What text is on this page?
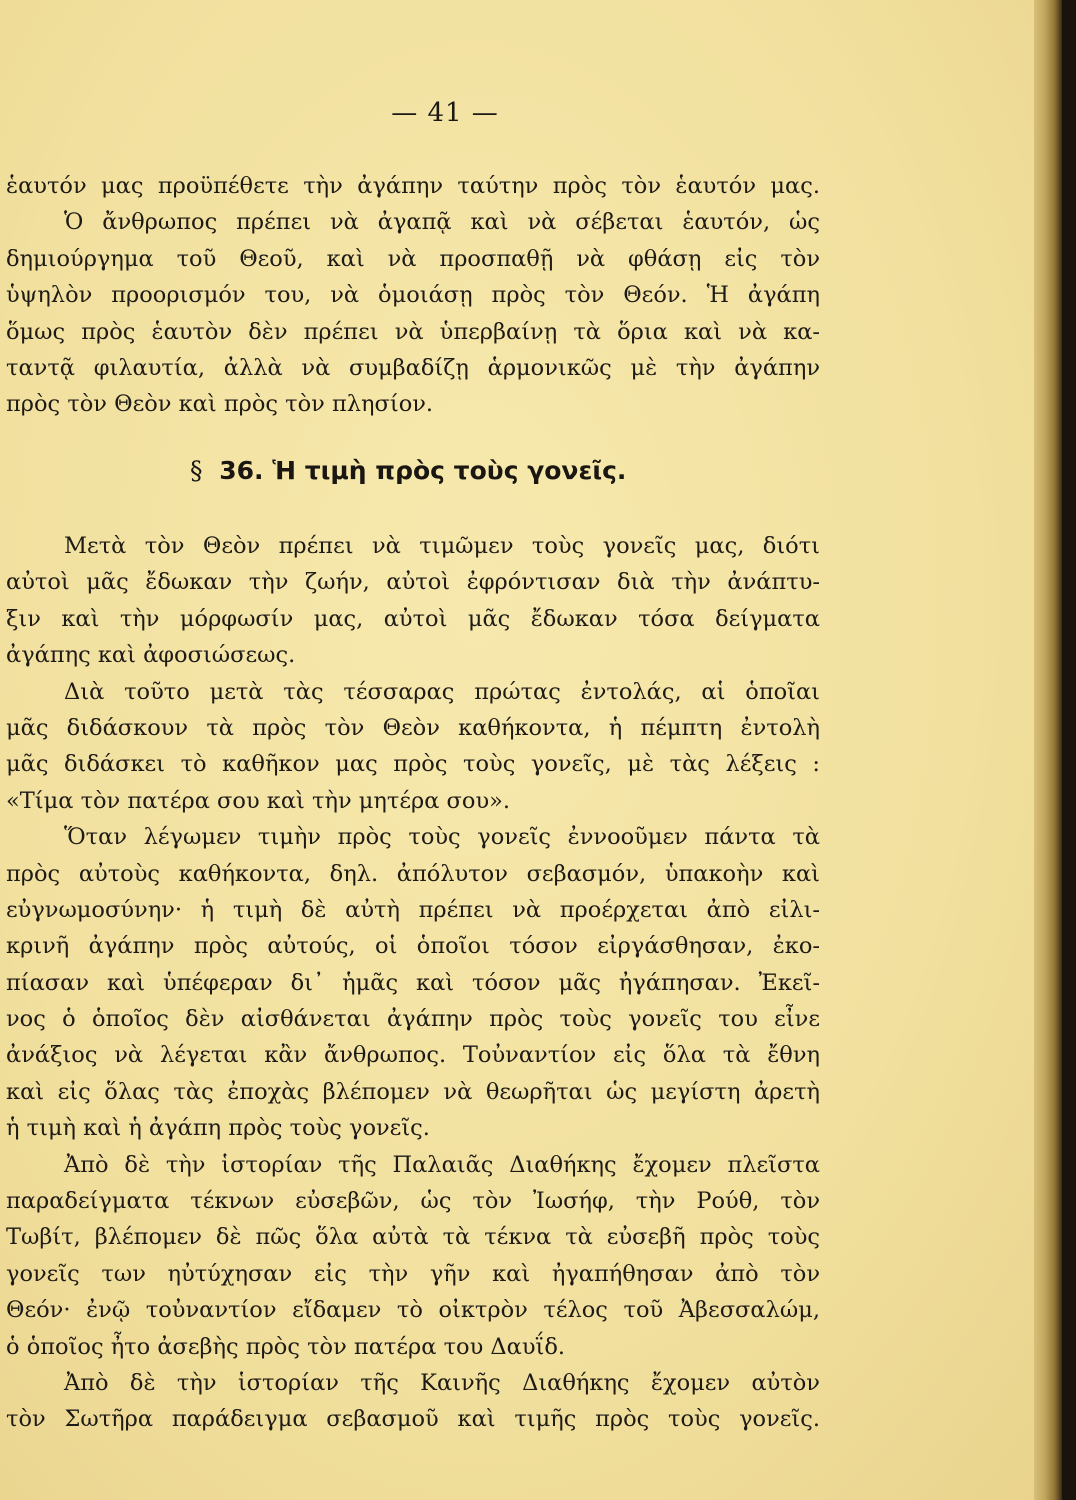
— 41 —
ἑαυτόν μας προϋπέθετε τὴν ἀγάπην ταύτην πρὸς τὸν ἑαυτόν μας.
Ὁ ἄνθρωπος πρέπει νὰ ἀγαπᾷ καὶ νὰ σέβεται ἑαυτόν, ὡς
δημιούργημα τοῦ Θεοῦ, καὶ νὰ προσπαθῇ νὰ φθάσῃ εἰς τὸν
ὑψηλὸν προορισμόν του, νὰ ὁμοιάσῃ πρὸς τὸν Θεόν. Ἡ ἀγάπη
ὅμως πρὸς ἑαυτὸν δὲν πρέπει νὰ ὑπερβαίνῃ τὰ ὅρια καὶ νὰ κα-
ταντᾷ φιλαυτία, ἀλλὰ νὰ συμβαδίζῃ ἁρμονικῶς μὲ τὴν ἀγάπην
πρὸς τὸν Θεὸν καὶ πρὸς τὸν πλησίον.
§ 36. Ἡ τιμὴ πρὸς τοὺς γονεῖς.
Μετὰ τὸν Θεὸν πρέπει νὰ τιμῶμεν τοὺς γονεῖς μας, διότι
αὐτοὶ μᾶς ἔδωκαν τὴν ζωήν, αὐτοὶ ἐφρόντισαν διὰ τὴν ἀνάπτυ-
ξιν καὶ τὴν μόρφωσίν μας, αὐτοὶ μᾶς ἔδωκαν τόσα δείγματα
ἀγάπης καὶ ἀφοσιώσεως.
Διὰ τοῦτο μετὰ τὰς τέσσαρας πρώτας ἐντολάς, αἱ ὁποῖαι
μᾶς διδάσκουν τὰ πρὸς τὸν Θεὸν καθήκοντα, ἡ πέμπτη ἐντολὴ
μᾶς διδάσκει τὸ καθῆκον μας πρὸς τοὺς γονεῖς, μὲ τὰς λέξεις :
«Τίμα τὸν πατέρα σου καὶ τὴν μητέρα σου».
Ὅταν λέγωμεν τιμὴν πρὸς τοὺς γονεῖς ἐννοοῦμεν πάντα τὰ
πρὸς αὐτοὺς καθήκοντα, δηλ. ἀπόλυτον σεβασμόν, ὑπακοὴν καὶ
εὐγνωμοσύνην· ἡ τιμὴ δὲ αὐτὴ πρέπει νὰ προέρχεται ἀπὸ εἰλι-
κρινῆ ἀγάπην πρὸς αὐτούς, οἱ ὁποῖοι τόσον εἰργάσθησαν, ἐκο-
πίασαν καὶ ὑπέφεραν δι᾽ ἡμᾶς καὶ τόσον μᾶς ἠγάπησαν. Ἐκεῖ-
νος ὁ ὁποῖος δὲν αἰσθάνεται ἀγάπην πρὸς τοὺς γονεῖς του εἶνε
ἀνάξιος νὰ λέγεται κἂν ἄνθρωπος. Τοὐναντίον εἰς ὅλα τὰ ἔθνη
καὶ εἰς ὅλας τὰς ἐποχὰς βλέπομεν νὰ θεωρῆται ὡς μεγίστη ἀρετὴ
ἡ τιμὴ καὶ ἡ ἀγάπη πρὸς τοὺς γονεῖς.
Ἀπὸ δὲ τὴν ἱστορίαν τῆς Παλαιᾶς Διαθήκης ἔχομεν πλεῖστα
παραδείγματα τέκνων εὐσεβῶν, ὡς τὸν Ἰωσήφ, τὴν Ρούθ, τὸν
Τωβίτ, βλέπομεν δὲ πῶς ὅλα αὐτὰ τὰ τέκνα τὰ εὐσεβῆ πρὸς τοὺς
γονεῖς των ηὐτύχησαν εἰς τὴν γῆν καὶ ἠγαπήθησαν ἀπὸ τὸν
Θεόν· ἐνῷ τοὐναντίον εἴδαμεν τὸ οἰκτρὸν τέλος τοῦ Ἀβεσσαλώμ,
ὁ ὁποῖος ἦτο ἀσεβὴς πρὸς τὸν πατέρα του Δαυΐδ.
Ἀπὸ δὲ τὴν ἱστορίαν τῆς Καινῆς Διαθήκης ἔχομεν αὐτὸν
τὸν Σωτῆρα παράδειγμα σεβασμοῦ καὶ τιμῆς πρὸς τοὺς γονεῖς.
